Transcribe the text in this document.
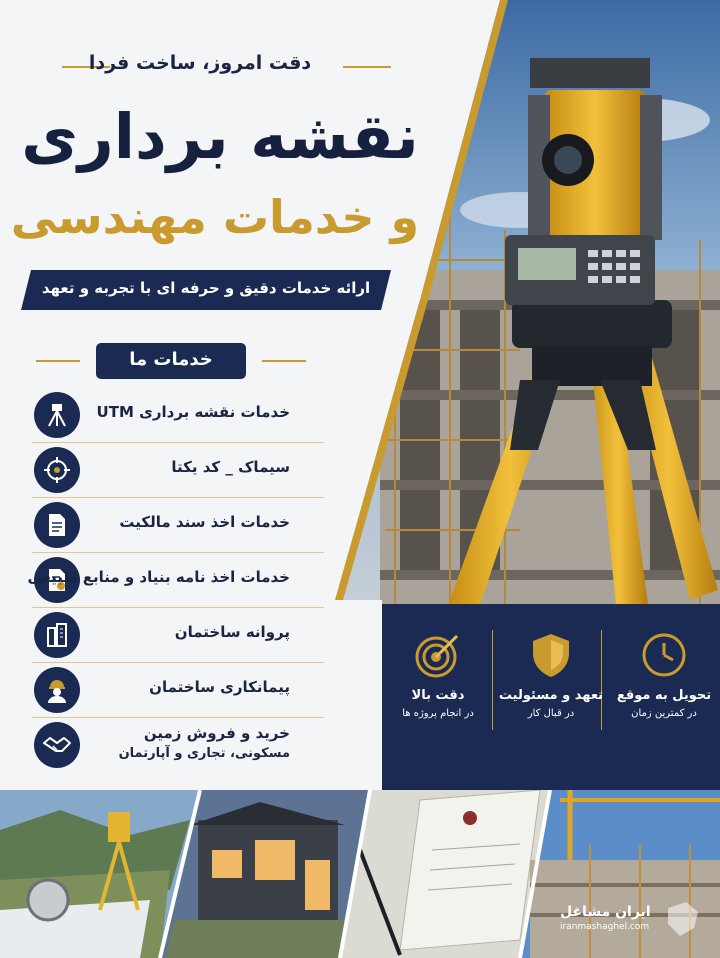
دقت امروز، ساخت فردا
نقشه برداری
و خدمات مهندسی
ارائه خدمات دقیق و حرفه ای با تجربه و تعهد
خدمات ما
خدمات نقشه برداری UTM
سیماک _ کد یکتا
خدمات اخذ سند مالکیت
خدمات اخذ نامه بنیاد و منابع طبیعی
پروانه ساختمان
پیمانکاری ساختمان
خرید و فروش زمین
مسکونی، تجاری و آپارتمان
تحویل به موقع
در کمترین زمان
تعهد و مسئولیت
در قبال کار
دقت بالا
در انجام پروژه ها
ایران مشاغل
iranmashaghel.com
